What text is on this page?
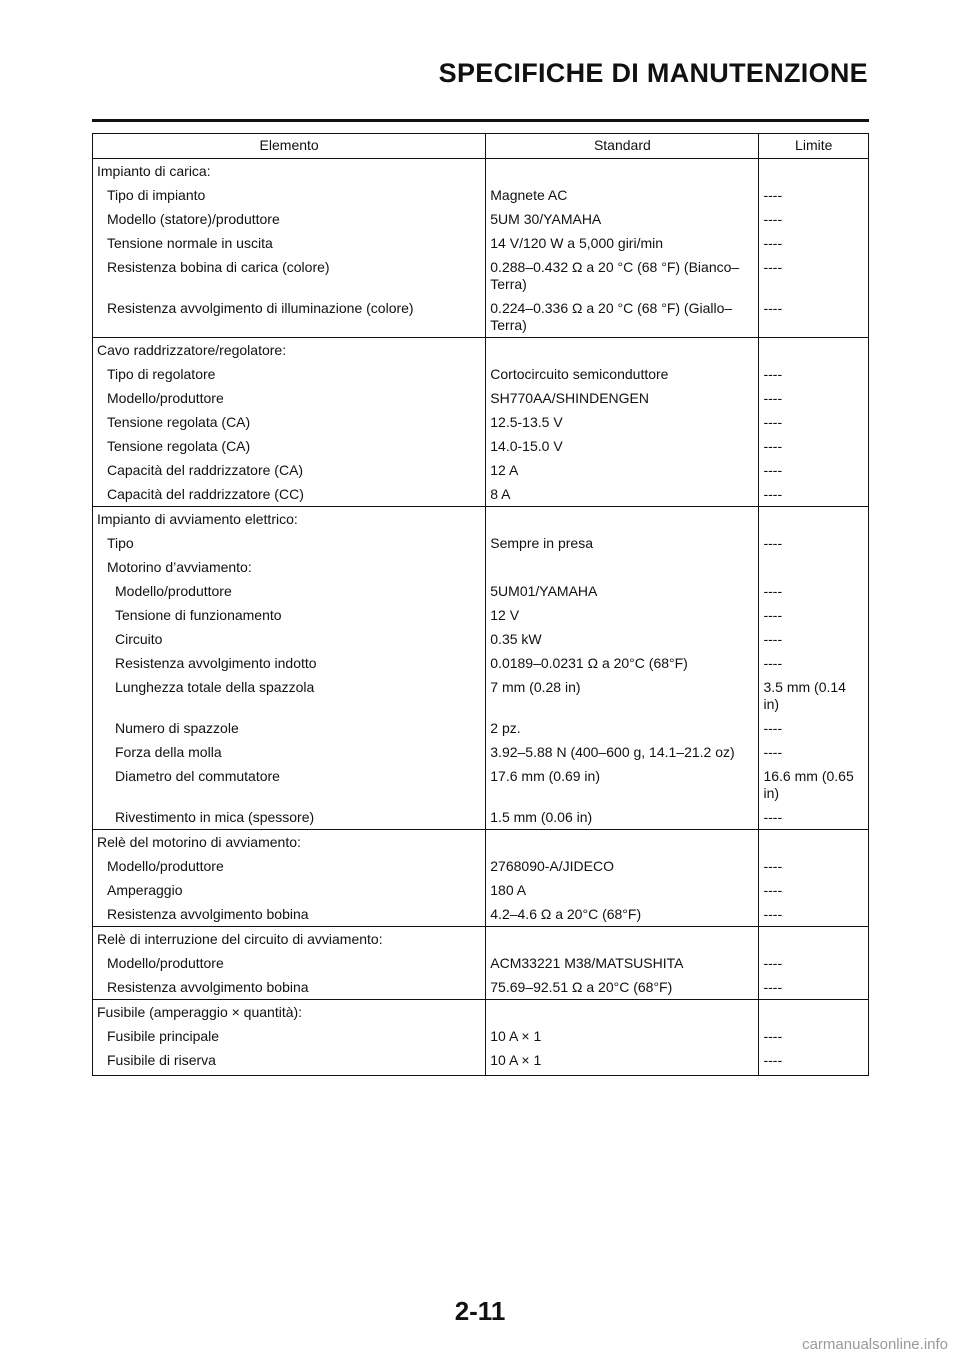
SPECIFICHE DI MANUTENZIONE
Elemento	Standard	Limite
Impianto di carica:		
Tipo di impianto	Magnete AC	----
Modello (statore)/produttore	5UM 30/YAMAHA	----
Tensione normale in uscita	14 V/120 W a 5,000 giri/min	----
Resistenza bobina di carica (colore)	0.288–0.432 Ω a 20 °C (68 °F) (Bianco–Terra)	----
Resistenza avvolgimento di illuminazione (colore)	0.224–0.336 Ω a 20 °C (68 °F) (Giallo–Terra)	----
Cavo raddrizzatore/regolatore:		
Tipo di regolatore	Cortocircuito semiconduttore	----
Modello/produttore	SH770AA/SHINDENGEN	----
Tensione regolata (CA)	12.5-13.5 V	----
Tensione regolata (CA)	14.0-15.0 V	----
Capacità del raddrizzatore (CA)	12 A	----
Capacità del raddrizzatore (CC)	8 A	----
Impianto di avviamento elettrico:		
Tipo	Sempre in presa	----
Motorino d’avviamento:		
Modello/produttore	5UM01/YAMAHA	----
Tensione di funzionamento	12 V	----
Circuito	0.35 kW	----
Resistenza avvolgimento indotto	0.0189–0.0231 Ω a 20°C (68°F)	----
Lunghezza totale della spazzola	7 mm (0.28 in)	3.5 mm (0.14 in)
Numero di spazzole	2 pz.	----
Forza della molla	3.92–5.88 N (400–600 g, 14.1–21.2 oz)	----
Diametro del commutatore	17.6 mm (0.69 in)	16.6 mm (0.65 in)
Rivestimento in mica (spessore)	1.5 mm (0.06 in)	----
Relè del motorino di avviamento:		
Modello/produttore	2768090-A/JIDECO	----
Amperaggio	180 A	----
Resistenza avvolgimento bobina	4.2–4.6 Ω a 20°C (68°F)	----
Relè di interruzione del circuito di avviamento:		
Modello/produttore	ACM33221 M38/MATSUSHITA	----
Resistenza avvolgimento bobina	75.69–92.51 Ω a 20°C (68°F)	----
Fusibile (amperaggio × quantità):		
Fusibile principale	10 A × 1	----
Fusibile di riserva	10 A × 1	----
2-11
carmanualsonline.info
